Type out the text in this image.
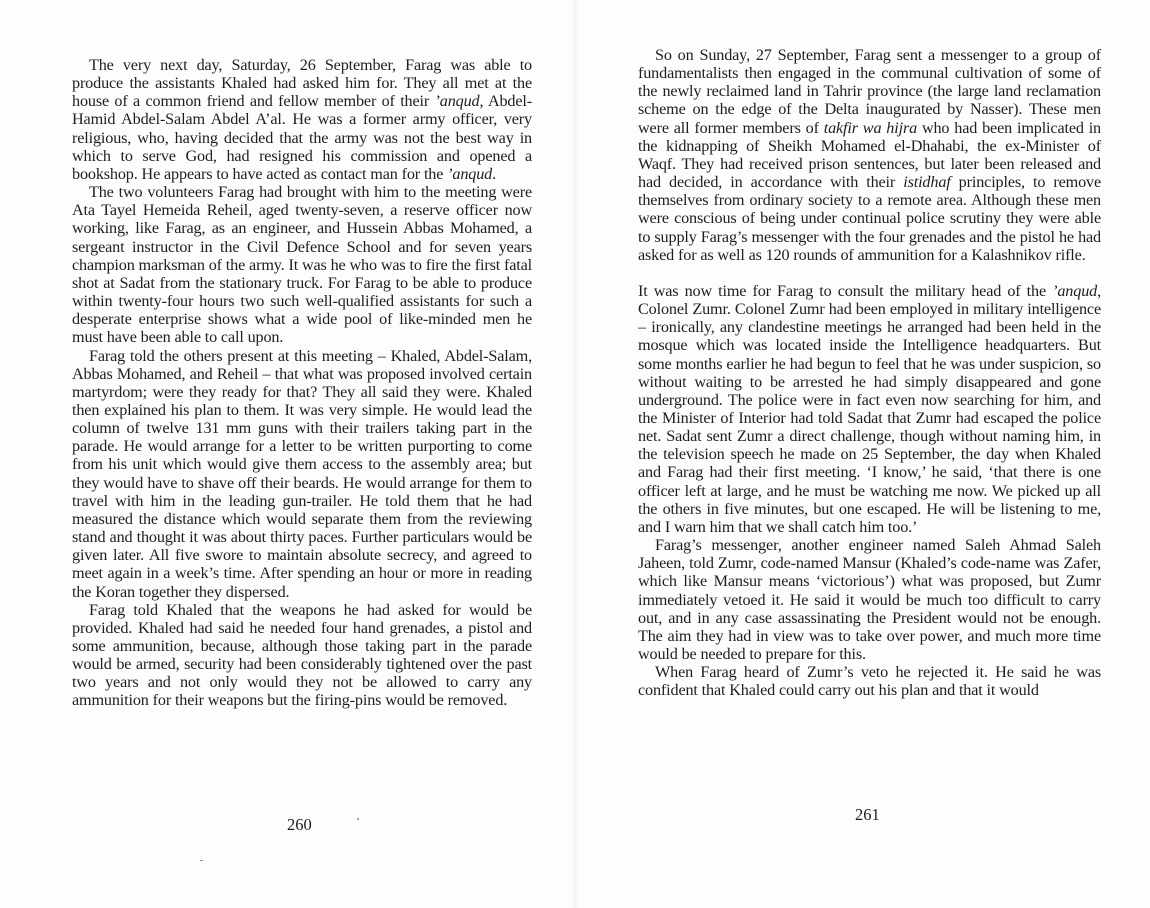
The very next day, Saturday, 26 September, Farag was able to produce the assistants Khaled had asked him for. They all met at the house of a common friend and fellow member of their ’anqud, Abdel-Hamid Abdel-Salam Abdel A’al. He was a former army officer, very religious, who, having decided that the army was not the best way in which to serve God, had resigned his commission and opened a bookshop. He appears to have acted as contact man for the ’anqud.

The two volunteers Farag had brought with him to the meeting were Ata Tayel Hemeida Reheil, aged twenty-seven, a reserve officer now working, like Farag, as an engineer, and Hussein Abbas Mohamed, a sergeant instructor in the Civil Defence School and for seven years champion marksman of the army. It was he who was to fire the first fatal shot at Sadat from the stationary truck. For Farag to be able to produce within twenty-four hours two such well-qualified assistants for such a desperate enterprise shows what a wide pool of like-minded men he must have been able to call upon.

Farag told the others present at this meeting – Khaled, Abdel-Salam, Abbas Mohamed, and Reheil – that what was proposed involved certain martyrdom; were they ready for that? They all said they were. Khaled then explained his plan to them. It was very simple. He would lead the column of twelve 131 mm guns with their trailers taking part in the parade. He would arrange for a letter to be written purporting to come from his unit which would give them access to the assembly area; but they would have to shave off their beards. He would arrange for them to travel with him in the leading gun-trailer. He told them that he had measured the distance which would separate them from the reviewing stand and thought it was about thirty paces. Further particulars would be given later. All five swore to maintain absolute secrecy, and agreed to meet again in a week’s time. After spending an hour or more in reading the Koran together they dispersed.

Farag told Khaled that the weapons he had asked for would be provided. Khaled had said he needed four hand grenades, a pistol and some ammunition, because, although those taking part in the parade would be armed, security had been considerably tightened over the past two years and not only would they not be allowed to carry any ammunition for their weapons but the firing-pins would be removed.

260

So on Sunday, 27 September, Farag sent a messenger to a group of fundamentalists then engaged in the communal cultivation of some of the newly reclaimed land in Tahrir province (the large land reclamation scheme on the edge of the Delta inaugurated by Nasser). These men were all former members of takfir wa hijra who had been implicated in the kidnapping of Sheikh Mohamed el-Dhahabi, the ex-Minister of Waqf. They had received prison sentences, but later been released and had decided, in accordance with their istidhaf principles, to remove themselves from ordinary society to a remote area. Although these men were conscious of being under continual police scrutiny they were able to supply Farag’s messenger with the four grenades and the pistol he had asked for as well as 120 rounds of ammunition for a Kalashnikov rifle.

It was now time for Farag to consult the military head of the ’anqud, Colonel Zumr. Colonel Zumr had been employed in military intelligence – ironically, any clandestine meetings he arranged had been held in the mosque which was located inside the Intelligence headquarters. But some months earlier he had begun to feel that he was under suspicion, so without waiting to be arrested he had simply disappeared and gone underground. The police were in fact even now searching for him, and the Minister of Interior had told Sadat that Zumr had escaped the police net. Sadat sent Zumr a direct challenge, though without naming him, in the television speech he made on 25 September, the day when Khaled and Farag had their first meeting. ‘I know,’ he said, ‘that there is one officer left at large, and he must be watching me now. We picked up all the others in five minutes, but one escaped. He will be listening to me, and I warn him that we shall catch him too.’

Farag’s messenger, another engineer named Saleh Ahmad Saleh Jaheen, told Zumr, code-named Mansur (Khaled’s code-name was Zafer, which like Mansur means ‘victorious’) what was proposed, but Zumr immediately vetoed it. He said it would be much too difficult to carry out, and in any case assassinating the President would not be enough. The aim they had in view was to take over power, and much more time would be needed to prepare for this.

When Farag heard of Zumr’s veto he rejected it. He said he was confident that Khaled could carry out his plan and that it would

261
